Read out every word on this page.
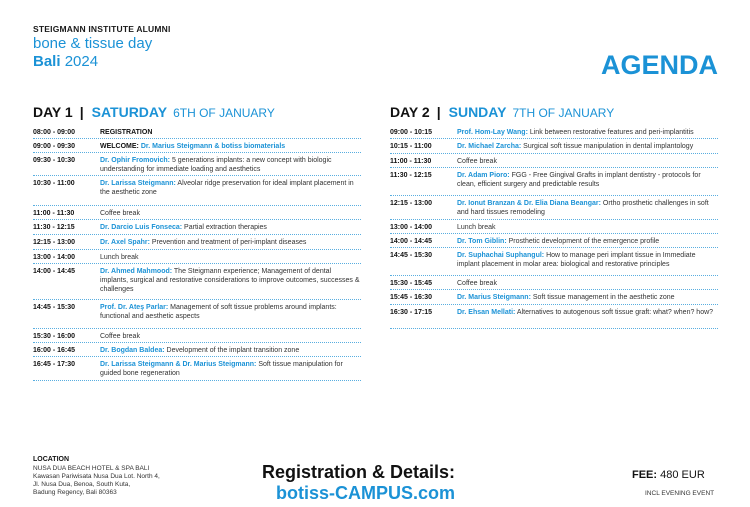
STEIGMANN INSTITUTE ALUMNI
bone & tissue day
Bali 2024	AGENDA
DAY 1 | SATURDAY 6TH OF JANUARY
08:00 - 09:00	REGISTRATION
09:00 - 09:30	WELCOME: Dr. Marius Steigmann & botiss biomaterials
09:30 - 10:30	Dr. Ophir Fromovich: 5 generations implants: a new concept with biologic understanding for immediate loading and aesthetics
10:30 - 11:00	Dr. Larissa Steigmann: Alveolar ridge preservation for ideal implant placement in the aesthetic zone
11:00 - 11:30	Coffee break
11:30 - 12:15	Dr. Darcio Luis Fonseca: Partial extraction therapies
12:15 - 13:00	Dr. Axel Spahr: Prevention and treatment of peri-implant diseases
13:00 - 14:00	Lunch break
14:00 - 14:45	Dr. Ahmed Mahmood: The Steigmann experience; Management of dental implants, surgical and restorative considerations to improve outcomes, successes & challenges
14:45 - 15:30	Prof. Dr. Ateş Parlar: Management of soft tissue problems around implants: functional and aesthetic aspects
15:30 - 16:00	Coffee break
16:00 - 16:45	Dr. Bogdan Baldea: Development of the implant transition zone
16:45 - 17:30	Dr. Larissa Steigmann & Dr. Marius Steigmann: Soft tissue manipulation for guided bone regeneration
DAY 2 | SUNDAY 7TH OF JANUARY
09:00 - 10:15	Prof. Hom-Lay Wang: Link between restorative features and peri-implantitis
10:15 - 11:00	Dr. Michael Zarcha: Surgical soft tissue manipulation in dental implantology
11:00 - 11:30	Coffee break
11:30 - 12:15	Dr. Adam Pioro: FGG - Free Gingival Grafts in implant dentistry - protocols for clean, efficient surgery and predictable results
12:15 - 13:00	Dr. Ionut Branzan & Dr. Elia Diana Beangar: Ortho prosthetic challenges in soft and hard tissues remodeling
13:00 - 14:00	Lunch break
14:00 - 14:45	Dr. Tom Giblin: Prosthetic development of the emergence profile
14:45 - 15:30	Dr. Suphachai Suphangul: How to manage peri implant tissue in Immediate implant placement in molar area: biological and restorative principles
15:30 - 15:45	Coffee break
15:45 - 16:30	Dr. Marius Steigmann: Soft tissue management in the aesthetic zone
16:30 - 17:15	Dr. Ehsan Mellati: Alternatives to autogenous soft tissue graft: what? when? how?
LOCATION
NUSA DUA BEACH HOTEL & SPA BALI
Kawasan Pariwisata Nusa Dua Lot. North 4,
Jl. Nusa Dua, Benoa, South Kuta,
Badung Regency, Bali 80363
Registration & Details:
botiss-CAMPUS.com
FEE: 480 EUR
INCL EVENING EVENT
